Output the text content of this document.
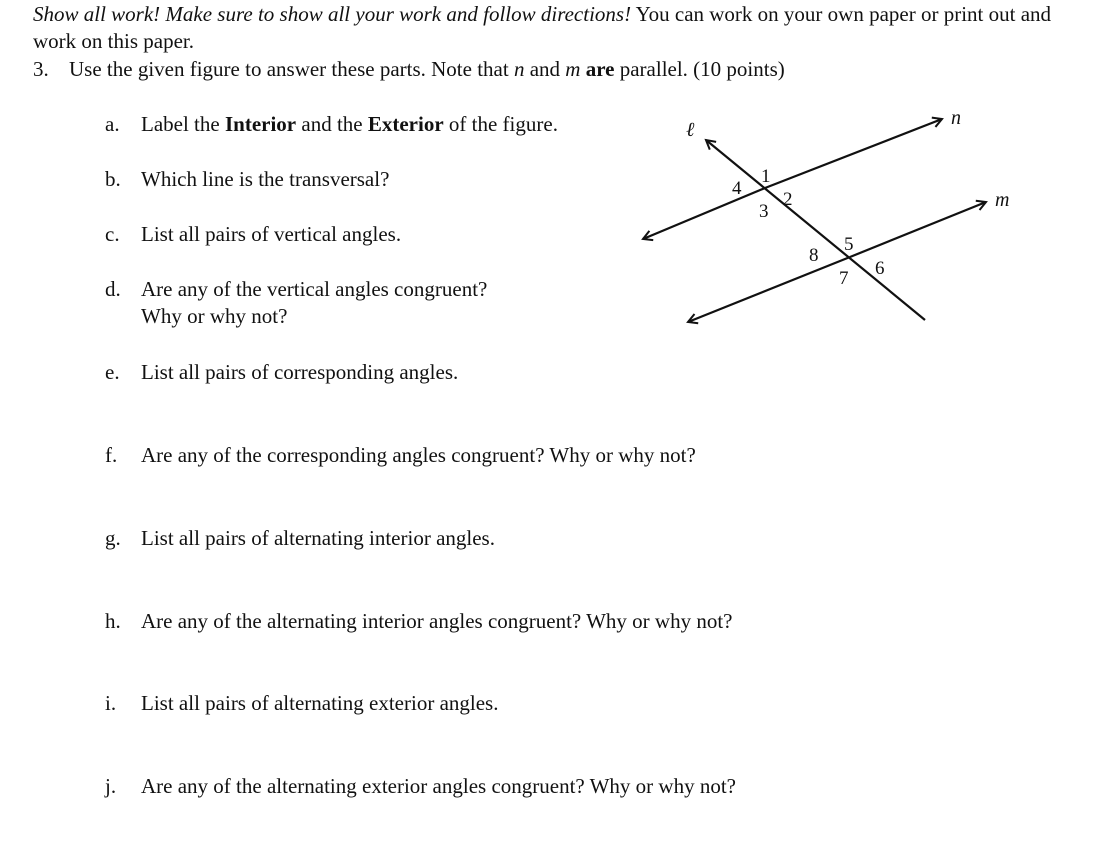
Show all work! Make sure to show all your work and follow directions! You can work on your own paper or print out and work on this paper.
3. Use the given figure to answer these parts. Note that n and m are parallel. (10 points)
a. Label the Interior and the Exterior of the figure.
b. Which line is the transversal?
c. List all pairs of vertical angles.
d. Are any of the vertical angles congruent?
Why or why not?
e. List all pairs of corresponding angles.
f. Are any of the corresponding angles congruent? Why or why not?
g. List all pairs of alternating interior angles.
h. Are any of the alternating interior angles congruent? Why or why not?
i. List all pairs of alternating exterior angles.
j. Are any of the alternating exterior angles congruent? Why or why not?
ℓ
n
m
1
2
3
4
5
6
7
8
